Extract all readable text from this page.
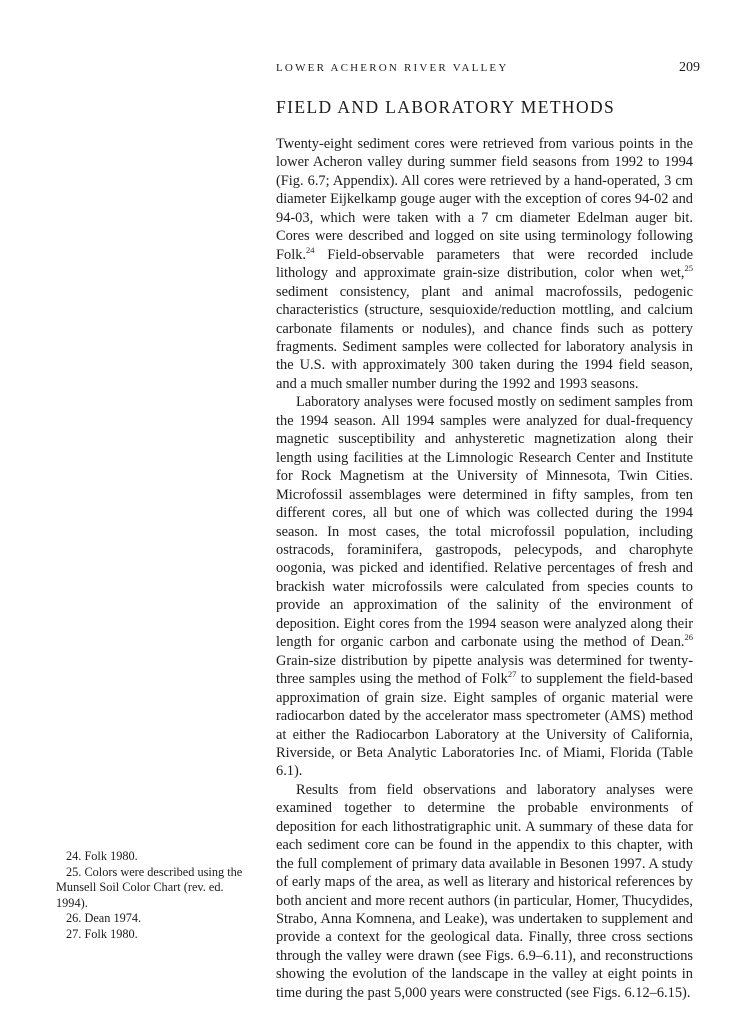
LOWER ACHERON RIVER VALLEY	209
FIELD AND LABORATORY METHODS

Twenty-eight sediment cores were retrieved from various points in the lower Acheron valley during summer field seasons from 1992 to 1994 (Fig. 6.7; Appendix). All cores were retrieved by a hand-operated, 3 cm diameter Eijkelkamp gouge auger with the exception of cores 94-02 and 94-03, which were taken with a 7 cm diameter Edelman auger bit. Cores were described and logged on site using terminology following Folk.$^{24}$ Field-observable parameters that were recorded include lithology and approximate grain-size distribution, color when wet,$^{25}$ sediment consistency, plant and animal macrofossils, pedogenic characteristics (structure, sesquioxide/reduction mottling, and calcium carbonate filaments or nodules), and chance finds such as pottery fragments. Sediment samples were collected for laboratory analysis in the U.S. with approximately 300 taken during the 1994 field season, and a much smaller number during the 1992 and 1993 seasons.

Laboratory analyses were focused mostly on sediment samples from the 1994 season. All 1994 samples were analyzed for dual-frequency magnetic susceptibility and anhysteretic magnetization along their length using facilities at the Limnologic Research Center and Institute for Rock Magnetism at the University of Minnesota, Twin Cities. Microfossil assemblages were determined in fifty samples, from ten different cores, all but one of which was collected during the 1994 season. In most cases, the total microfossil population, including ostracods, foraminifera, gastropods, pelecypods, and charophyte oogonia, was picked and identified. Relative percentages of fresh and brackish water microfossils were calculated from species counts to provide an approximation of the salinity of the environment of deposition. Eight cores from the 1994 season were analyzed along their length for organic carbon and carbonate using the method of Dean.$^{26}$ Grain-size distribution by pipette analysis was determined for twenty-three samples using the method of Folk$^{27}$ to supplement the field-based approximation of grain size. Eight samples of organic material were radiocarbon dated by the accelerator mass spectrometer (AMS) method at either the Radiocarbon Laboratory at the University of California, Riverside, or Beta Analytic Laboratories Inc. of Miami, Florida (Table 6.1).

Results from field observations and laboratory analyses were examined together to determine the probable environments of deposition for each lithostratigraphic unit. A summary of these data for each sediment core can be found in the appendix to this chapter, with the full complement of primary data available in Besonen 1997. A study of early maps of the area, as well as literary and historical references by both ancient and more recent authors (in particular, Homer, Thucydides, Strabo, Anna Komnena, and Leake), was undertaken to supplement and provide a context for the geological data. Finally, three cross sections through the valley were drawn (see Figs. 6.9–6.11), and reconstructions showing the evolution of the landscape in the valley at eight points in time during the past 5,000 years were constructed (see Figs. 6.12–6.15).

24. Folk 1980.

25. Colors were described using the Munsell Soil Color Chart (rev. ed. 1994).

26. Dean 1974.

27. Folk 1980.
